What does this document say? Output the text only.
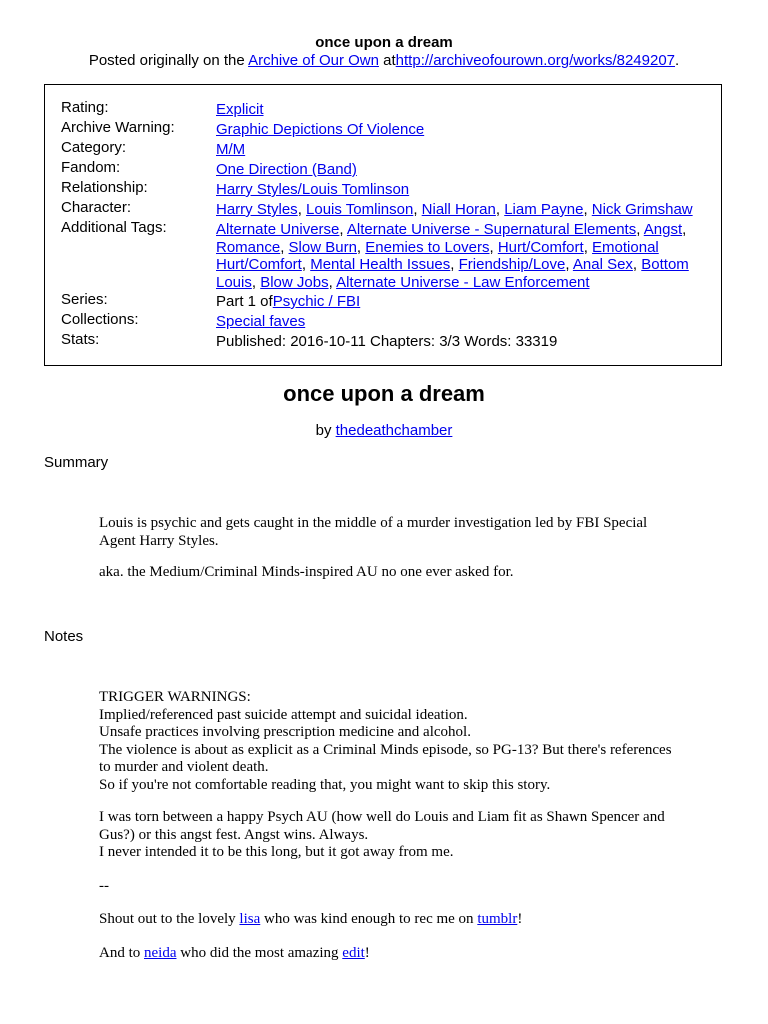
once upon a dream
Posted originally on the Archive of Our Own athttp://archiveofourown.org/works/8249207.
Rating:	Explicit
Archive Warning:	Graphic Depictions Of Violence
Category:	M/M
Fandom:	One Direction (Band)
Relationship:	Harry Styles/Louis Tomlinson
Character:	Harry Styles, Louis Tomlinson, Niall Horan, Liam Payne, Nick Grimshaw
Additional Tags:	Alternate Universe, Alternate Universe - Supernatural Elements, Angst, Romance, Slow Burn, Enemies to Lovers, Hurt/Comfort, Emotional Hurt/Comfort, Mental Health Issues, Friendship/Love, Anal Sex, Bottom Louis, Blow Jobs, Alternate Universe - Law Enforcement
Series:	Part 1 ofPsychic / FBI
Collections:	Special faves
Stats:	Published: 2016-10-11 Chapters: 3/3 Words: 33319
once upon a dream
by thedeathchamber
Summary

Louis is psychic and gets caught in the middle of a murder investigation led by FBI Special Agent Harry Styles.

aka. the Medium/Criminal Minds-inspired AU no one ever asked for.

Notes

TRIGGER WARNINGS:
Implied/referenced past suicide attempt and suicidal ideation.
Unsafe practices involving prescription medicine and alcohol.
The violence is about as explicit as a Criminal Minds episode, so PG-13? But there's references to murder and violent death.
So if you're not comfortable reading that, you might want to skip this story.

I was torn between a happy Psych AU (how well do Louis and Liam fit as Shawn Spencer and Gus?) or this angst fest. Angst wins. Always.
I never intended it to be this long, but it got away from me.

--

Shout out to the lovely lisa who was kind enough to rec me on tumblr!

And to neida who did the most amazing edit!
